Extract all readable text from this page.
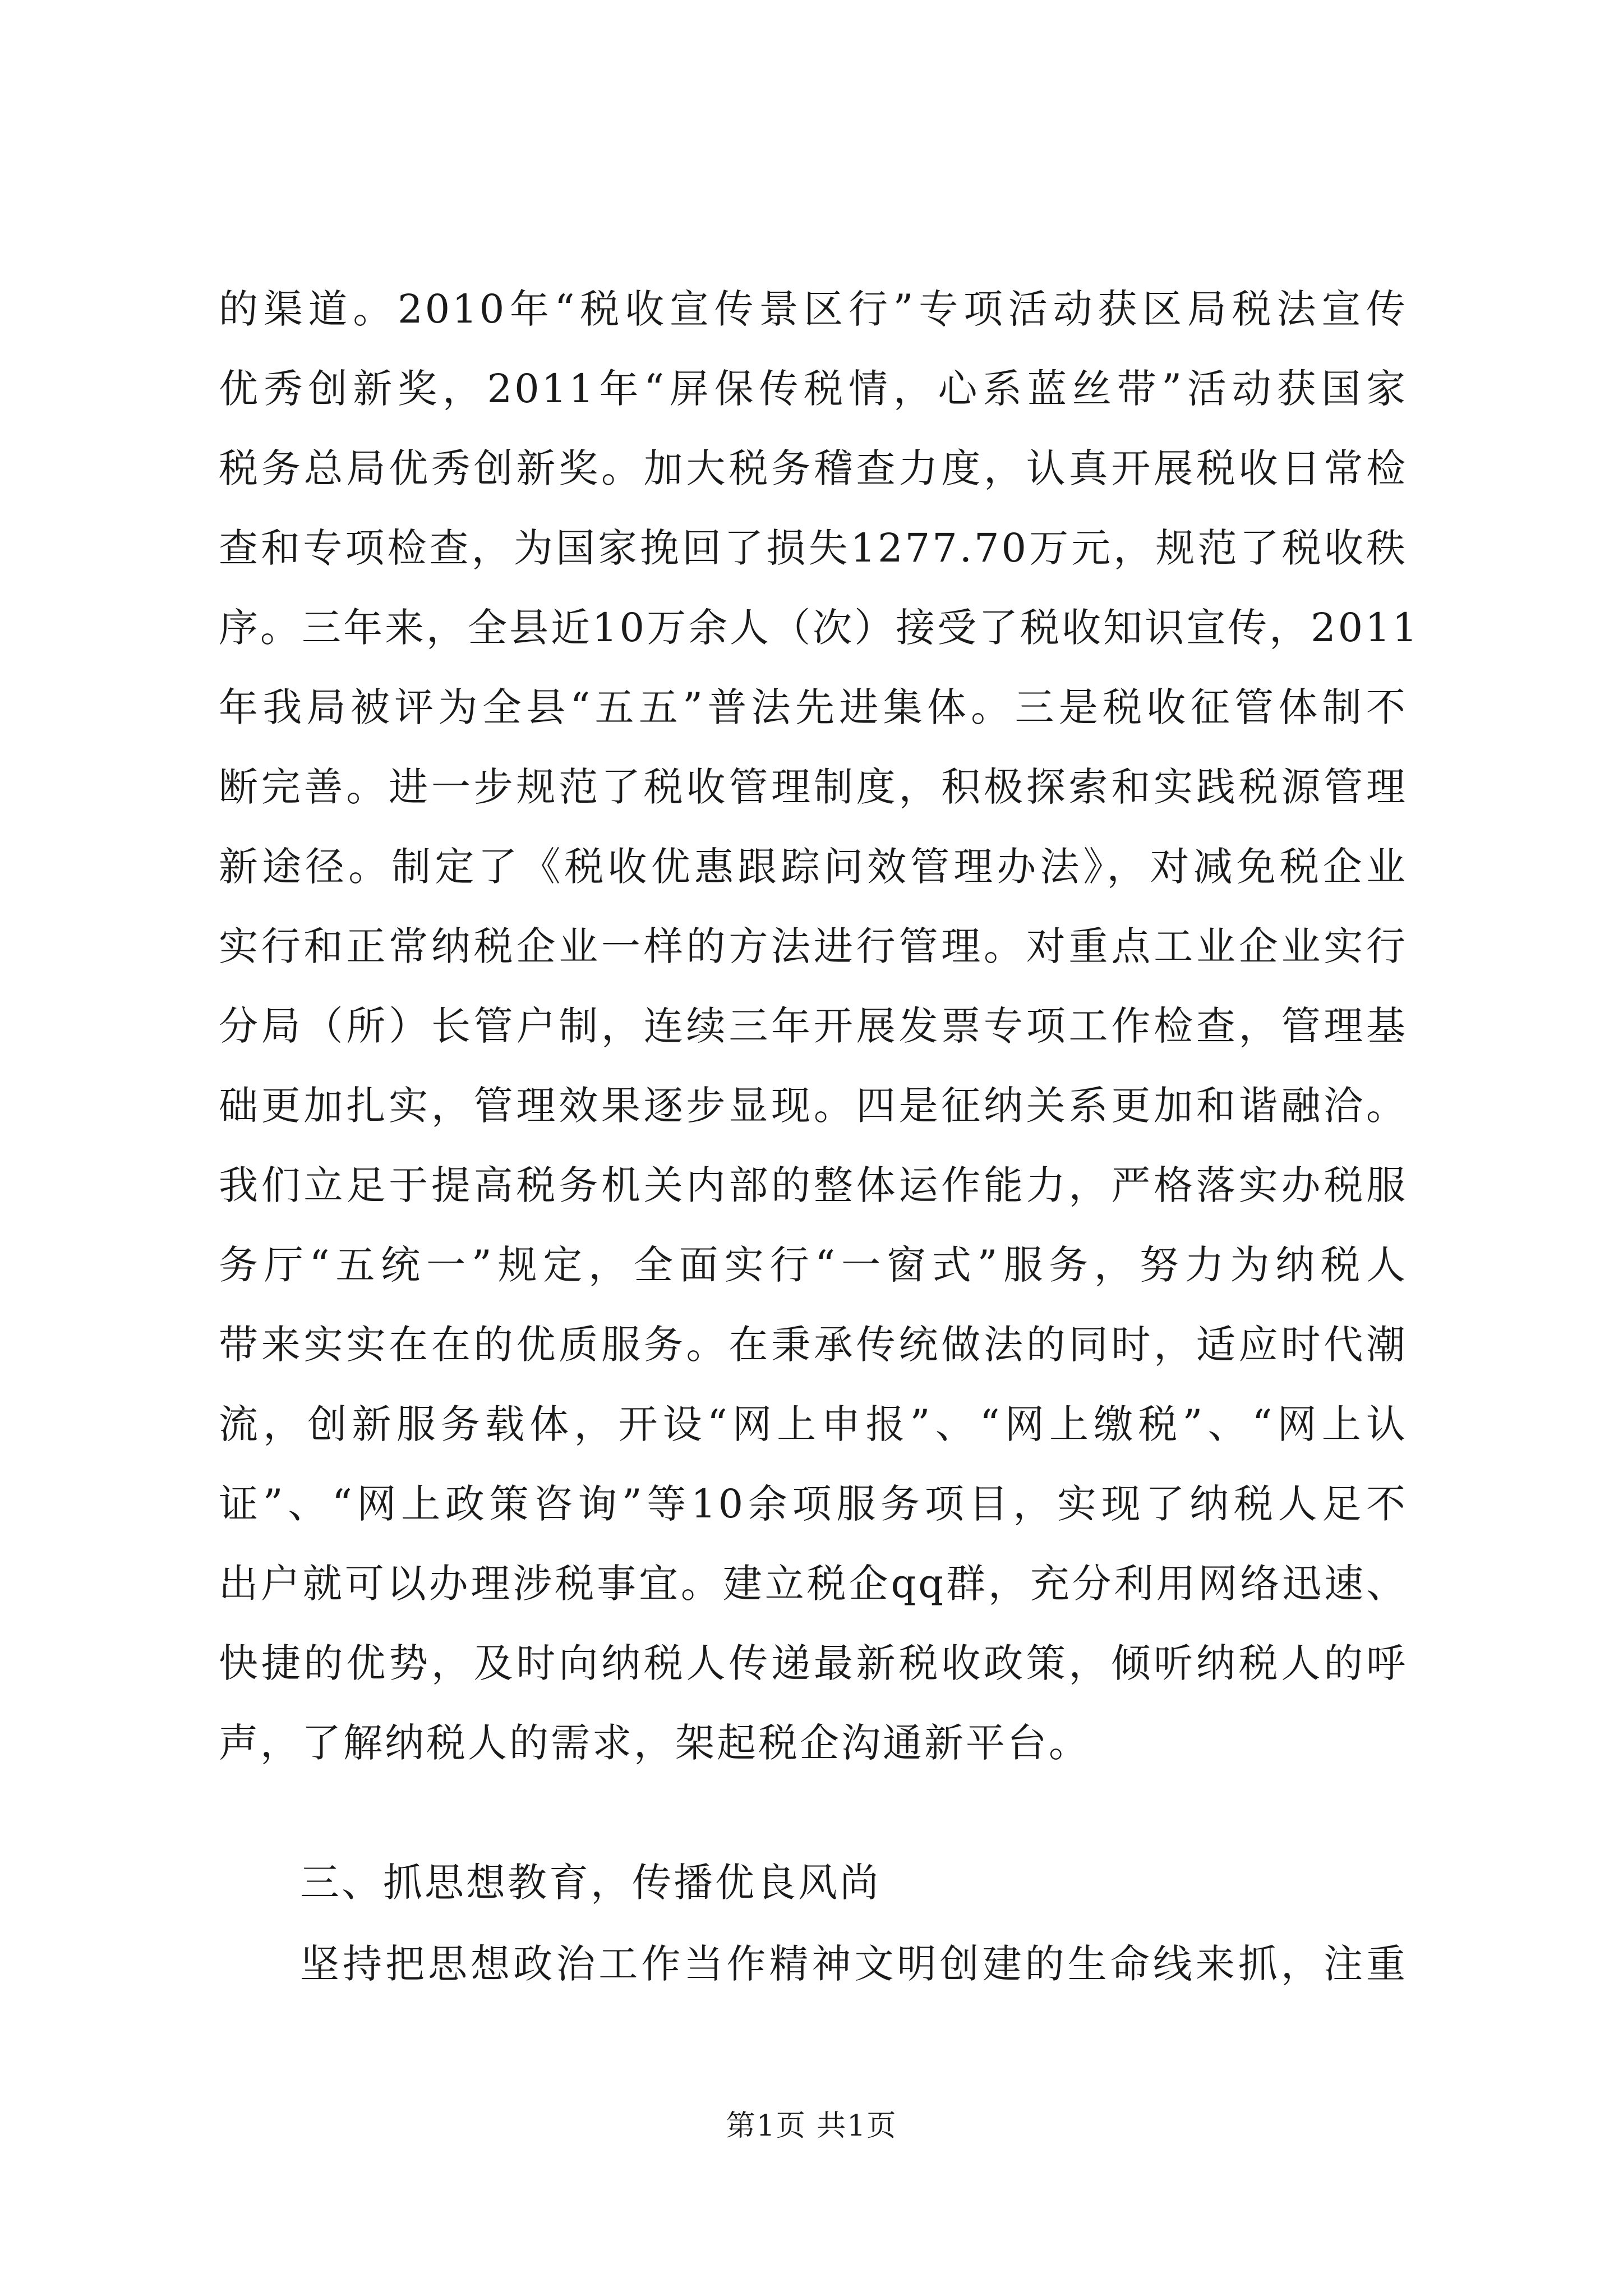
的渠道。2010年“税收宣传景区行”专项活动获区局税法宣传
优秀创新奖，2011年“屏保传税情，心系蓝丝带”活动获国家
税务总局优秀创新奖。加大税务稽查力度，认真开展税收日常检
查和专项检查，为国家挽回了损失1277.70万元，规范了税收秩
序。三年来，全县近10万余人（次）接受了税收知识宣传，2011
年我局被评为全县“五五”普法先进集体。三是税收征管体制不
断完善。进一步规范了税收管理制度，积极探索和实践税源管理
新途径。制定了《税收优惠跟踪问效管理办法》，对减免税企业
实行和正常纳税企业一样的方法进行管理。对重点工业企业实行
分局（所）长管户制，连续三年开展发票专项工作检查，管理基
础更加扎实，管理效果逐步显现。四是征纳关系更加和谐融洽。
我们立足于提高税务机关内部的整体运作能力，严格落实办税服
务厅“五统一”规定，全面实行“一窗式”服务，努力为纳税人
带来实实在在的优质服务。在秉承传统做法的同时，适应时代潮
流，创新服务载体，开设“网上申报”、“网上缴税”、“网上认
证”、“网上政策咨询”等10余项服务项目，实现了纳税人足不
出户就可以办理涉税事宜。建立税企qq群，充分利用网络迅速、
快捷的优势，及时向纳税人传递最新税收政策，倾听纳税人的呼
声，了解纳税人的需求，架起税企沟通新平台。
三、抓思想教育，传播优良风尚
坚持把思想政治工作当作精神文明创建的生命线来抓，注重
第1页 共1页
